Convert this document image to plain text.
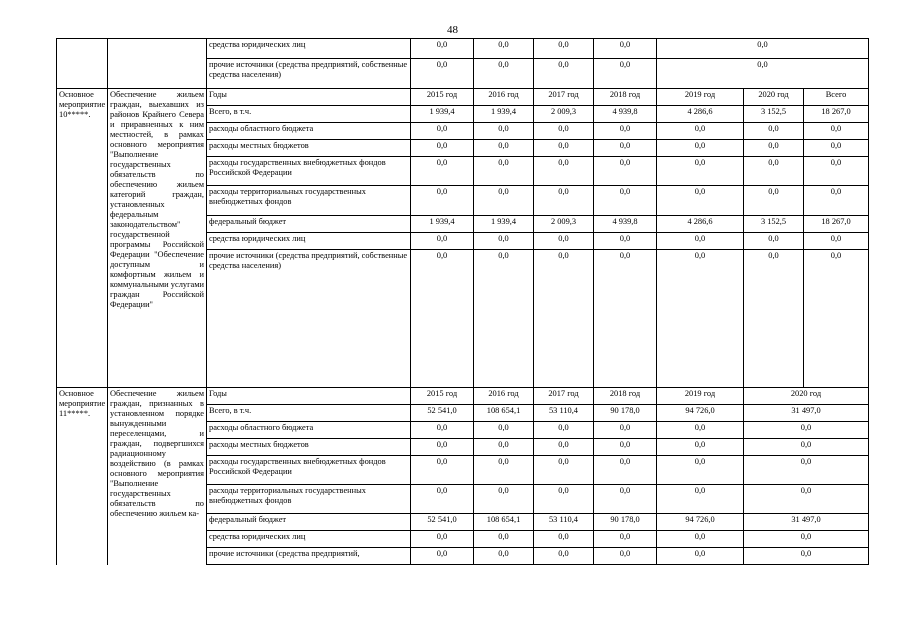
48
		средства юридических лиц	0,0	0,0	0,0	0,0	0,0		
		прочие источники (средства предприятий, собственные средства населения)	0,0	0,0	0,0	0,0	0,0		
Основное мероприятие 10*****.	Обеспечение жильем граждан, выехавших из районов Крайнего Севера и приравненных к ним местностей, в рамках основного мероприятия "Выполнение государственных обязательств по обеспечению жильем категорий граждан, установленных федеральным законодательством" государственной программы Российской Федерации "Обеспечение доступным и комфортным жильем и коммунальными услугами граждан Российской Федерации"	Годы	2015 год	2016 год	2017 год	2018 год	2019 год	2020 год	Всего
		Всего, в т.ч.	1 939,4	1 939,4	2 009,3	4 939,8	4 286,6	3 152,5	18 267,0
		расходы областного бюджета	0,0	0,0	0,0	0,0	0,0	0,0	0,0
		расходы местных бюджетов	0,0	0,0	0,0	0,0	0,0	0,0	0,0
		расходы государственных внебюджетных фондов Российской Федерации	0,0	0,0	0,0	0,0	0,0	0,0	0,0
		расходы территориальных государственных внебюджетных фондов	0,0	0,0	0,0	0,0	0,0	0,0	0,0
		федеральный бюджет	1 939,4	1 939,4	2 009,3	4 939,8	4 286,6	3 152,5	18 267,0
		средства юридических лиц	0,0	0,0	0,0	0,0	0,0	0,0	0,0
		прочие источники (средства предприятий, собственные средства населения)	0,0	0,0	0,0	0,0	0,0	0,0	0,0
Основное мероприятие 11*****.	Обеспечение жильем граждан, признанных в установленном порядке вынужденными переселенцами, и граждан, подвергшихся радиационному воздействию (в рамках основного мероприятия "Выполнение государственных обязательств по обеспечению жильем ка-	Годы	2015 год	2016 год	2017 год	2018 год	2019 год	2020 год	
		Всего, в т.ч.	52 541,0	108 654,1	53 110,4	90 178,0	94 726,0	31 497,0	
		расходы областного бюджета	0,0	0,0	0,0	0,0	0,0	0,0	
		расходы местных бюджетов	0,0	0,0	0,0	0,0	0,0	0,0	
		расходы государственных внебюджетных фондов Российской Федерации	0,0	0,0	0,0	0,0	0,0	0,0	
		расходы территориальных государственных внебюджетных фондов	0,0	0,0	0,0	0,0	0,0	0,0	
		федеральный бюджет	52 541,0	108 654,1	53 110,4	90 178,0	94 726,0	31 497,0	
		средства юридических лиц	0,0	0,0	0,0	0,0	0,0	0,0	
		прочие источники (средства предприятий,	0,0	0,0	0,0	0,0	0,0	0,0	
